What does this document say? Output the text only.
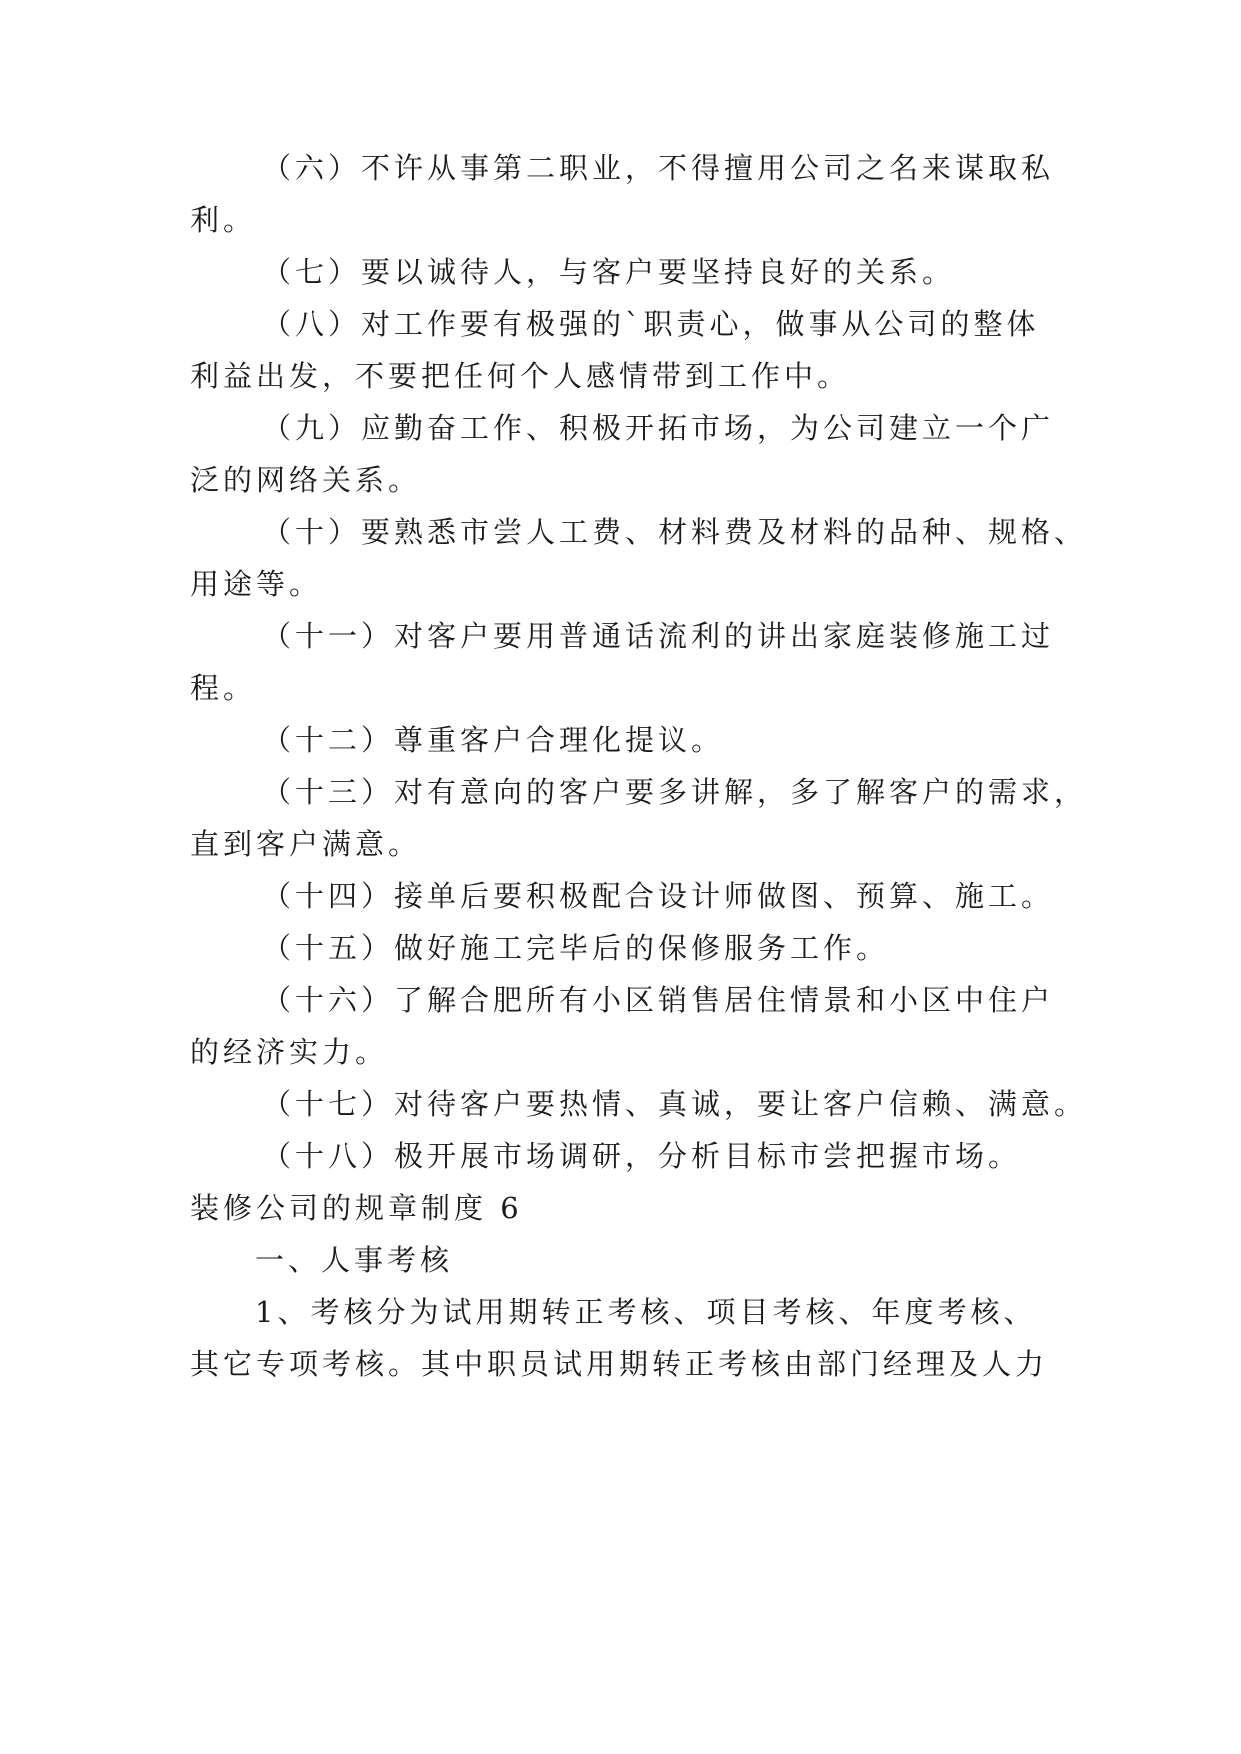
（六）不许从事第二职业，不得擅用公司之名来谋取私
利。
（七）要以诚待人，与客户要坚持良好的关系。
（八）对工作要有极强的`职责心，做事从公司的整体
利益出发，不要把任何个人感情带到工作中。
（九）应勤奋工作、积极开拓市场，为公司建立一个广
泛的网络关系。
（十）要熟悉市尝人工费、材料费及材料的品种、规格、
用途等。
（十一）对客户要用普通话流利的讲出家庭装修施工过
程。
（十二）尊重客户合理化提议。
（十三）对有意向的客户要多讲解，多了解客户的需求，
直到客户满意。
（十四）接单后要积极配合设计师做图、预算、施工。
（十五）做好施工完毕后的保修服务工作。
（十六）了解合肥所有小区销售居住情景和小区中住户
的经济实力。
（十七）对待客户要热情、真诚，要让客户信赖、满意。
（十八）极开展市场调研，分析目标市尝把握市场。
装修公司的规章制度 6
一、人事考核
1、考核分为试用期转正考核、项目考核、年度考核、
其它专项考核。其中职员试用期转正考核由部门经理及人力
